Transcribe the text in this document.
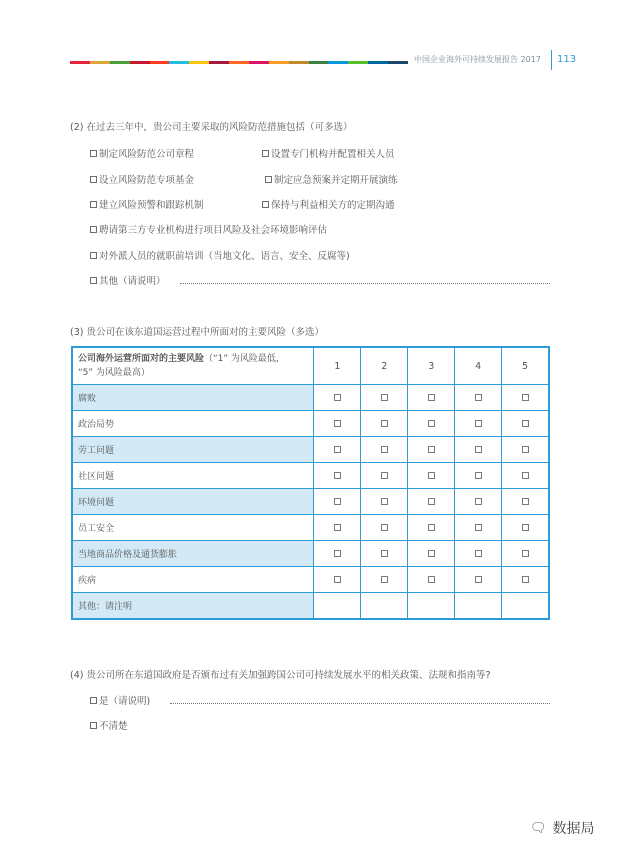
中国企业海外可持续发展报告 2017 113
(2) 在过去三年中，贵公司主要采取的风险防范措施包括（可多选）
制定风险防范公司章程	设置专门机构并配置相关人员
设立风险防范专项基金	制定应急预案并定期开展演练
建立风险预警和跟踪机制	保持与利益相关方的定期沟通
聘请第三方专业机构进行项目风险及社会环境影响评估
对外派人员的就职前培训（当地文化、语言、安全、反腐等)
其他（请说明）
(3) 贵公司在该东道国运营过程中所面对的主要风险（多选）
公司海外运营所面对的主要风险（“1” 为风险最低，
“5” 为风险最高）	1	2	3	4	5
腐败					
政治局势					
劳工问题					
社区问题					
环境问题					
员工安全					
当地商品价格及通货膨胀					
疾病					
其他：请注明					
(4) 贵公司所在东道国政府是否颁布过有关加强跨国公司可持续发展水平的相关政策、法规和指南等?
是（请说明)
不清楚
🗨 数据局
